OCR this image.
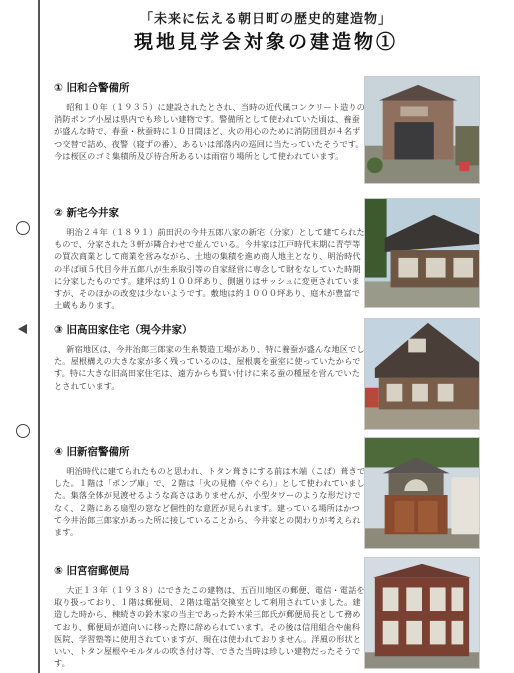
「未来に伝える朝日町の歴史的建造物」
現地見学会対象の建造物①

① 旧和合警備所

昭和１０年（１９３５）に建設されたとされ、当時の近代風コンクリート造りの消防ポンプ小屋は県内でも珍しい建物です。警備所として使われていた頃は、養蚕が盛んな時で、春蚕・秋蚕時に１０日間ほど、火の用心のために消防団員が４名ずつ交替で詰め、夜警（寝ずの番）、あるいは部落内の巡回に当たっていたそうです。今は桜区のゴミ集積所及び待合所あるいは雨宿り場所として使われています。

② 新宅今井家

明治２４年（１８９１）前田沢の今井五郎八家の新宅（分家）として建てられたもので、分家された３軒が隣合わせで並んでいる。今井家は江戸時代末期に青苧等の買次商業として商業を営みながら、土地の集積を進め商人地主となり、明治時代の半ば頃５代目今井五郎八が生糸取引等の自家経営に専念して財をなしていた時期に分家したものです。建坪は約１００坪あり、側廻りはサッシュに変更されていますが、そのほかの改変は少ないようです。敷地は約１０００坪あり、庭木が豊富で土蔵もあります。

③ 旧高田家住宅（現今井家）

新宿地区は、今井治郎三郎家の生糸製造工場があり、特に養蚕が盛んな地区でした。屋根構えの大きな家が多く残っているのは、屋根裏を蚕室に使っていたからです。特に大きな旧高田家住宅は、遠方からも買い付けに来る蚕の種屋を営んでいたとされています。

④ 旧新宿警備所

明治時代に建てられたものと思われ、トタン葺きにする前は木端（こば）葺きでした。１階は「ポンプ庫」で、２階は「火の見櫓（やぐら）」として使われていました。集落全体が見渡せるような高さはありませんが、小型タワーのような形だけでなく、２階にある扇型の窓など個性的な意匠が見られます。建っている場所はかつて今井治郎三郎家があった所に接していることから、今井家との関わりが考えられます。

⑤ 旧宮宿郵便局

大正１３年（１９３８）にできたこの建物は、五百川地区の郵便、電信・電話を取り扱っており、１階は郵便局、２階は電話交換室として利用されていました。建造した時から、棟続きの鈴木家の当主であった鈴木栄三郎氏が郵便局長として務めており、郵便局が道向いに移った際に辞められています。その後は信用組合や歯科医院、学習塾等に使用されていますが、現在は使われておりません。洋風の形状といい、トタン屋根やモルタルの吹き付け等、できた当時は珍しい建物だったそうです。
